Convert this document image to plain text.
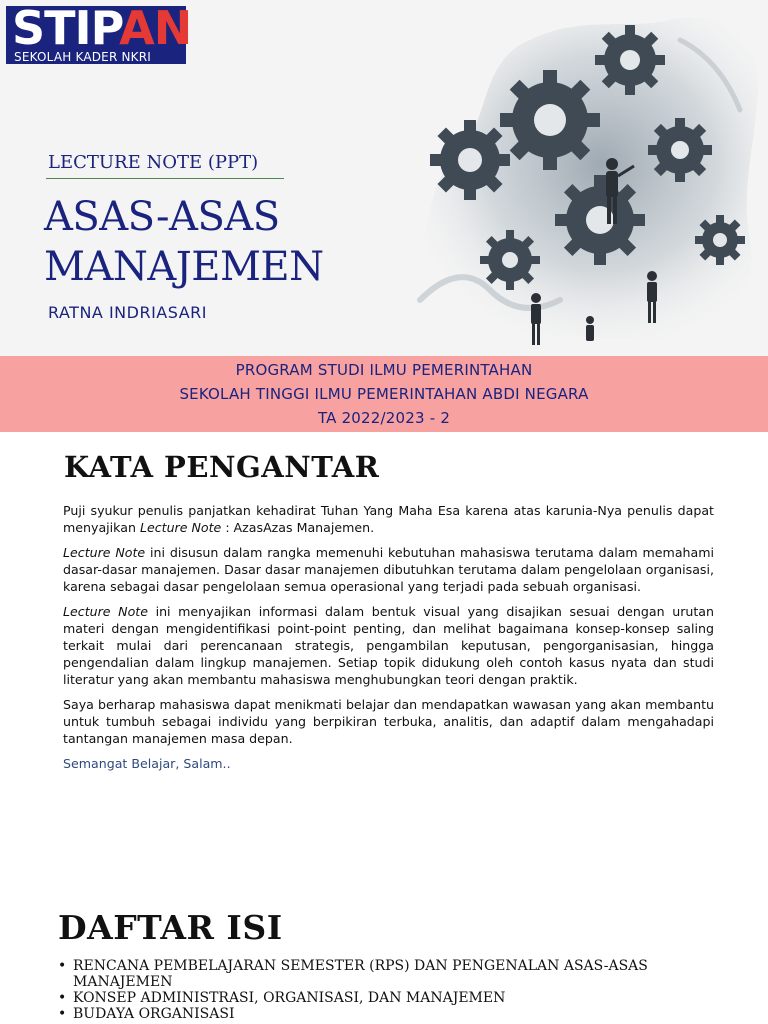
STIPAN
SEKOLAH KADER NKRI
LECTURE NOTE (PPT)
ASAS-ASAS
MANAJEMEN
RATNA INDRIASARI
PROGRAM STUDI ILMU PEMERINTAHAN
SEKOLAH TINGGI ILMU PEMERINTAHAN ABDI NEGARA
TA 2022/2023 - 2
KATA PENGANTAR

Puji syukur penulis panjatkan kehadirat Tuhan Yang Maha Esa karena atas karunia-Nya penulis dapat menyajikan Lecture Note : AzasAzas Manajemen.

Lecture Note ini disusun dalam rangka memenuhi kebutuhan mahasiswa terutama dalam memahami dasar-dasar manajemen. Dasar dasar manajemen dibutuhkan terutama dalam pengelolaan organisasi, karena sebagai dasar pengelolaan semua operasional yang terjadi pada sebuah organisasi.

Lecture Note ini menyajikan informasi dalam bentuk visual yang disajikan sesuai dengan urutan materi dengan mengidentifikasi point-point penting, dan melihat bagaimana konsep-konsep saling terkait mulai dari perencanaan strategis, pengambilan keputusan, pengorganisasian, hingga pengendalian dalam lingkup manajemen. Setiap topik didukung oleh contoh kasus nyata dan studi literatur yang akan membantu mahasiswa menghubungkan teori dengan praktik.

Saya berharap mahasiswa dapat menikmati belajar dan mendapatkan wawasan yang akan membantu untuk tumbuh sebagai individu yang berpikiran terbuka, analitis, dan adaptif dalam mengahadapi tantangan manajemen masa depan.

Semangat Belajar, Salam..

DAFTAR ISI
• RENCANA PEMBELAJARAN SEMESTER (RPS) DAN PENGENALAN ASAS-ASAS MANAJEMEN
• KONSEP ADMINISTRASI, ORGANISASI, DAN MANAJEMEN
• BUDAYA ORGANISASI
